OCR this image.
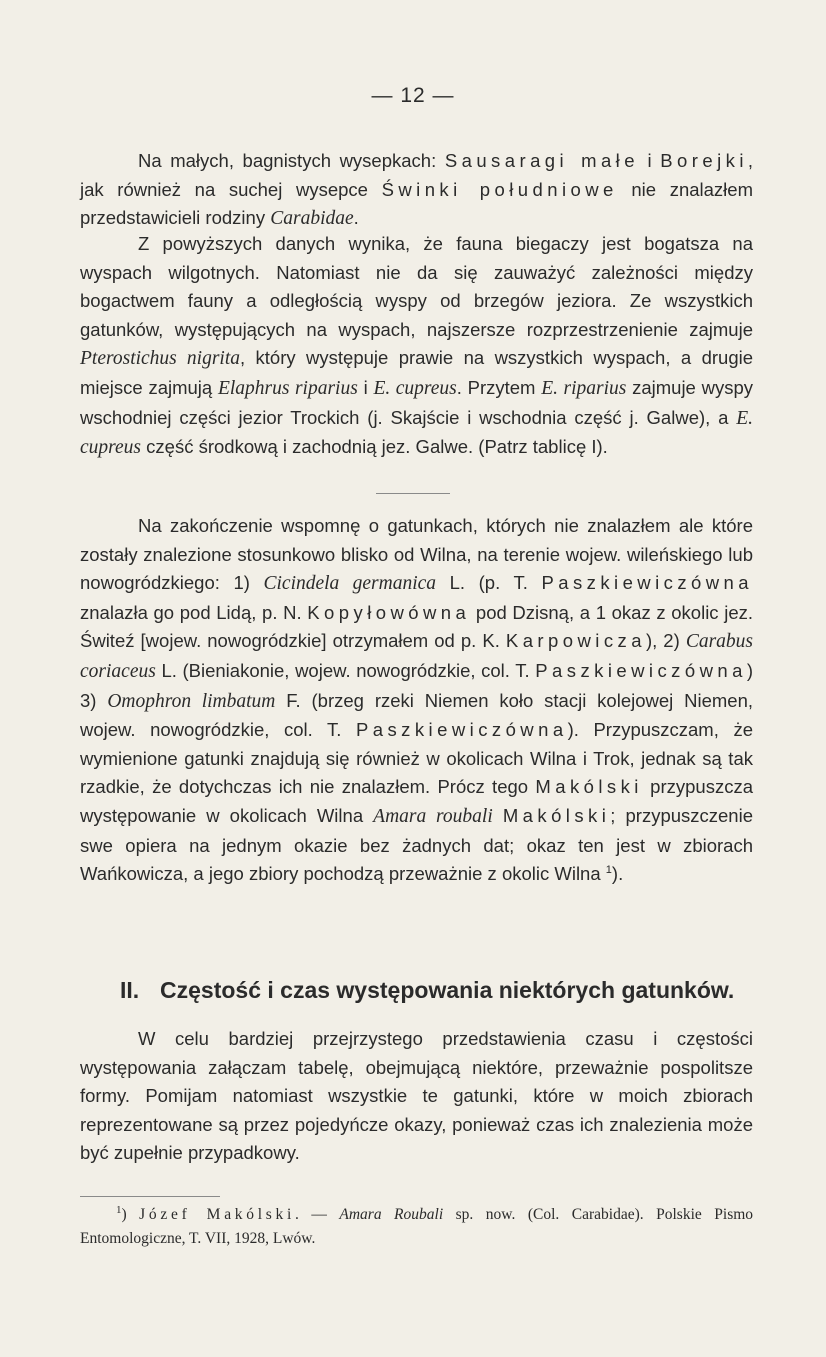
— 12 —

Na małych, bagnistych wysepkach: Sausaragi małe i Borejki, jak również na suchej wysepce Świnki południowe nie znalazłem przedstawicieli rodziny Carabidae.

Z powyższych danych wynika, że fauna biegaczy jest bogatsza na wyspach wilgotnych. Natomiast nie da się zauważyć zależności między bogactwem fauny a odległością wyspy od brzegów jeziora. Ze wszystkich gatunków, występujących na wyspach, najszersze rozprzestrzenienie zajmuje Pterostichus nigrita, który występuje prawie na wszystkich wyspach, a drugie miejsce zajmują Elaphrus riparius i E. cupreus. Przytem E. riparius zajmuje wyspy wschodniej części jezior Trockich (j. Skajście i wschodnia część j. Galwe), a E. cupreus część środkową i zachodnią jez. Galwe. (Patrz tablicę I).

Na zakończenie wspomnę o gatunkach, których nie znalazłem ale które zostały znalezione stosunkowo blisko od Wilna, na terenie wojew. wileńskiego lub nowogródzkiego: 1) Cicindela germanica L. (p. T. Paszkiewiczówna znalazła go pod Lidą, p. N. Kopyłowówna pod Dzisną, a 1 okaz z okolic jez. Świteź [wojew. nowogródzkie] otrzymałem od p. K. Karpowicza), 2) Carabus coriaceus L. (Bieniakonie, wojew. nowogródzkie, col. T. Paszkiewiczówna) 3) Omophron limbatum F. (brzeg rzeki Niemen koło stacji kolejowej Niemen, wojew. nowogródzkie, col. T. Paszkiewiczówna). Przypuszczam, że wymienione gatunki znajdują się również w okolicach Wilna i Trok, jednak są tak rzadkie, że dotychczas ich nie znalazłem. Prócz tego Makólski przypuszcza występowanie w okolicach Wilna Amara roubali Makólski; przypuszczenie swe opiera na jednym okazie bez żadnych dat; okaz ten jest w zbiorach Wańkowicza, a jego zbiory pochodzą przeważnie z okolic Wilna $^1$).

II. Częstość i czas występowania niektórych gatunków.

W celu bardziej przejrzystego przedstawienia czasu i częstości występowania załączam tabelę, obejmującą niektóre, przeważnie pospolitsze formy. Pomijam natomiast wszystkie te gatunki, które w moich zbiorach reprezentowane są przez pojedyńcze okazy, ponieważ czas ich znalezienia może być zupełnie przypadkowy.

$^1$) Józef Makólski. — Amara Roubali sp. now. (Col. Carabidae). Polskie Pismo Entomologiczne, T. VII, 1928, Lwów.
